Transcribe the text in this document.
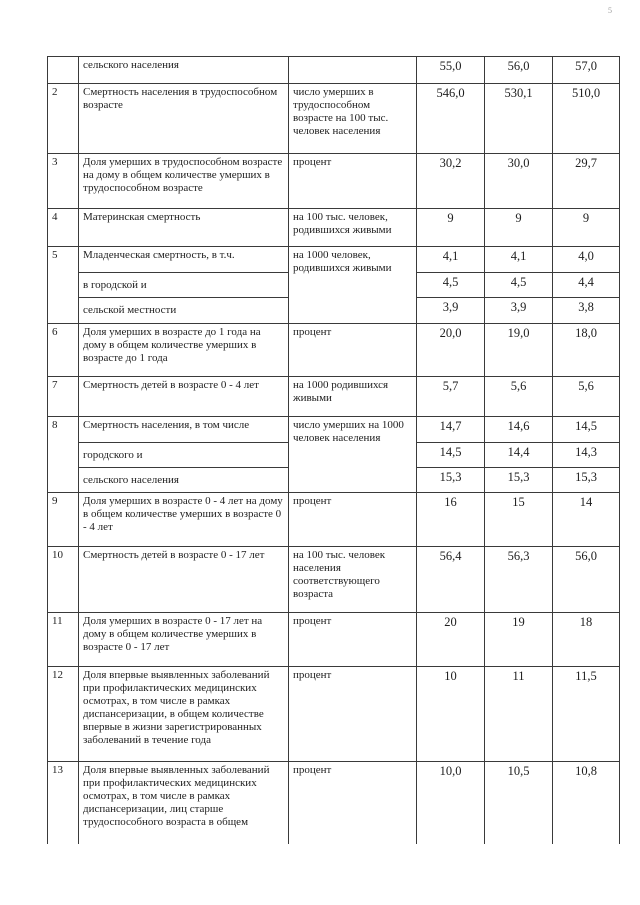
5
	сельского населения		55,0	56,0	57,0
2	Смертность населения в трудоспособном возрасте	число умерших в трудоспособном возрасте на 100 тыс. человек населения	546,0	530,1	510,0
3	Доля умерших в трудоспособном возрасте на дому в общем количестве умерших в трудоспособном возрасте	процент	30,2	30,0	29,7
4	Материнская смертность	на 100 тыс. человек, родившихся живыми	9	9	9
5	Младенческая смертность, в т.ч.	на 1000 человек, родившихся живыми	4,1	4,1	4,0
	в городской и		4,5	4,5	4,4
	сельской местности		3,9	3,9	3,8
6	Доля умерших в возрасте до 1 года на дому в общем количестве умерших в возрасте до 1 года	процент	20,0	19,0	18,0
7	Смертность детей в возрасте 0 - 4 лет	на 1000 родившихся живыми	5,7	5,6	5,6
8	Смертность населения, в том числе	число умерших на 1000 человек населения	14,7	14,6	14,5
	городского и		14,5	14,4	14,3
	сельского населения		15,3	15,3	15,3
9	Доля умерших в возрасте 0 - 4 лет на дому в общем количестве умерших в возрасте 0 - 4 лет	процент	16	15	14
10	Смертность детей в возрасте 0 - 17 лет	на 100 тыс. человек населения соответствующего возраста	56,4	56,3	56,0
11	Доля умерших в возрасте 0 - 17 лет на дому в общем количестве умерших в возрасте 0 - 17 лет	процент	20	19	18
12	Доля впервые выявленных заболеваний при профилактических медицинских осмотрах, в том числе в рамках диспансеризации, в общем количестве впервые в жизни зарегистрированных заболеваний в течение года	процент	10	11	11,5
13	Доля впервые выявленных заболеваний при профилактических медицинских осмотрах, в том числе в рамках диспансеризации, лиц старше трудоспособного возраста в общем	процент	10,0	10,5	10,8
